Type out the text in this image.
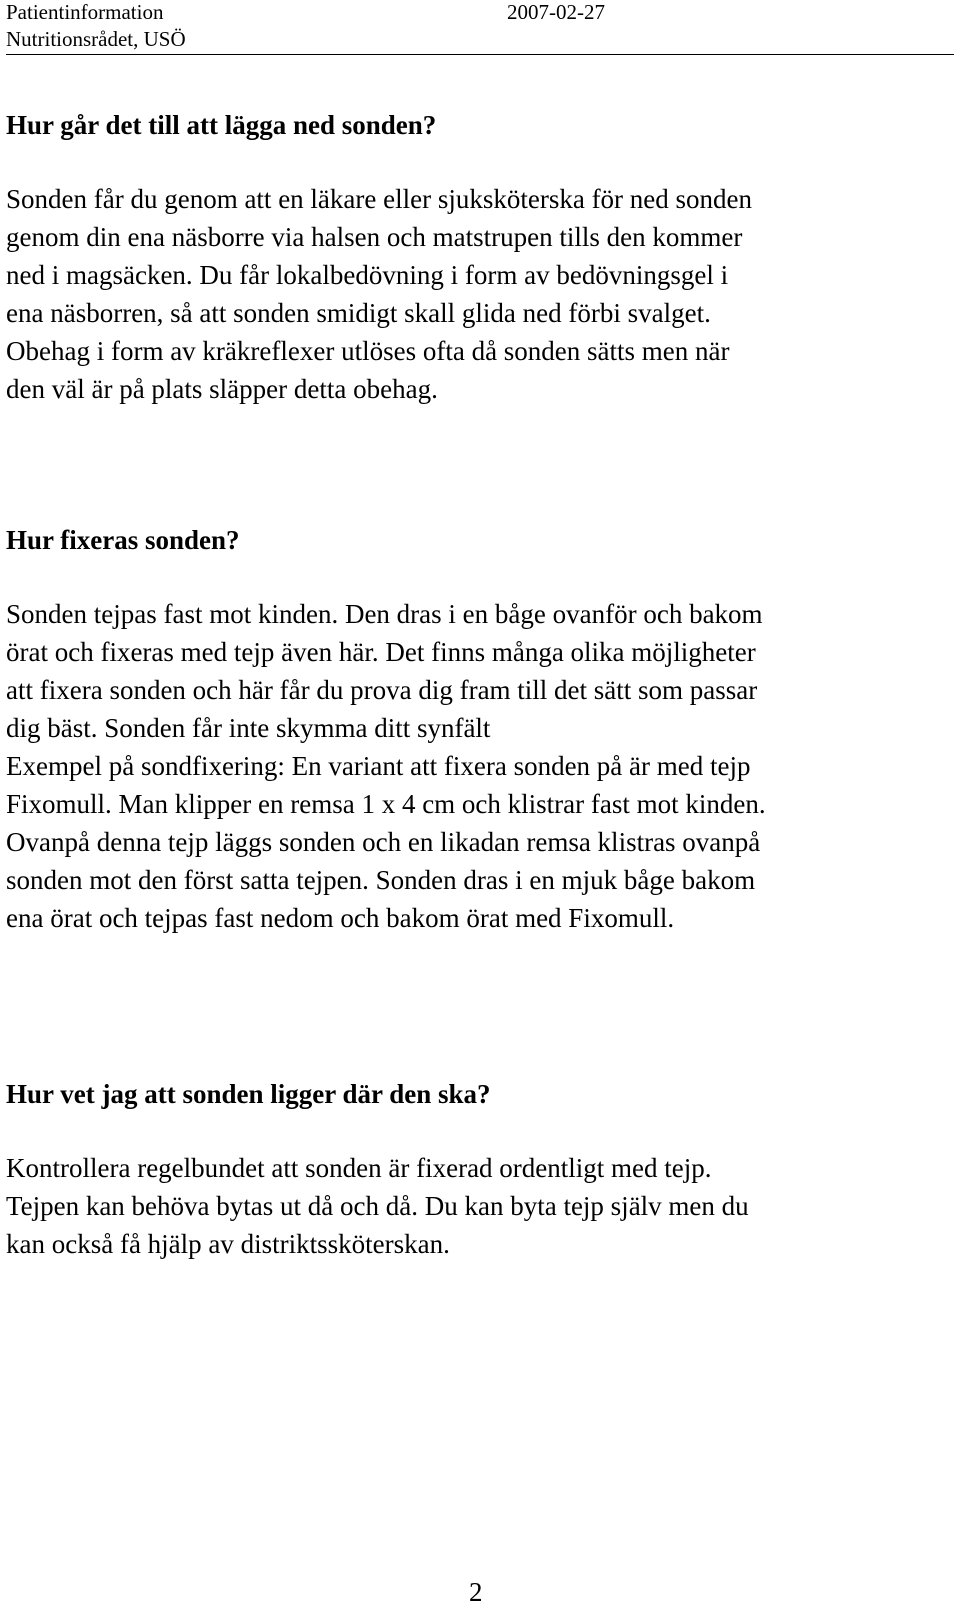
Patientinformation	2007-02-27
Nutritionsrådet, USÖ
Hur går det till att lägga ned sonden?
Sonden får du genom att en läkare eller sjuksköterska för ned sonden
genom din ena näsborre via halsen och matstrupen tills den kommer
ned i magsäcken. Du får lokalbedövning i form av bedövningsgel i
ena näsborren, så att sonden smidigt skall glida ned förbi svalget.
Obehag i form av kräkreflexer utlöses ofta då sonden sätts men när
den väl är på plats släpper detta obehag.
Hur fixeras sonden?
Sonden tejpas fast mot kinden. Den dras i en båge ovanför och bakom
örat och fixeras med tejp även här. Det finns många olika möjligheter
att fixera sonden och här får du prova dig fram till det sätt som passar
dig bäst. Sonden får inte skymma ditt synfält
Exempel på sondfixering: En variant att fixera sonden på är med tejp
Fixomull. Man klipper en remsa 1 x 4 cm och klistrar fast mot kinden.
Ovanpå denna tejp läggs sonden och en likadan remsa klistras ovanpå
sonden mot den först satta tejpen. Sonden dras i en mjuk båge bakom
ena örat och tejpas fast nedom och bakom örat med Fixomull.
Hur vet jag att sonden ligger där den ska?
Kontrollera regelbundet att sonden är fixerad ordentligt med tejp.
Tejpen kan behöva bytas ut då och då. Du kan byta tejp själv men du
kan också få hjälp av distriktssköterskan.
2
